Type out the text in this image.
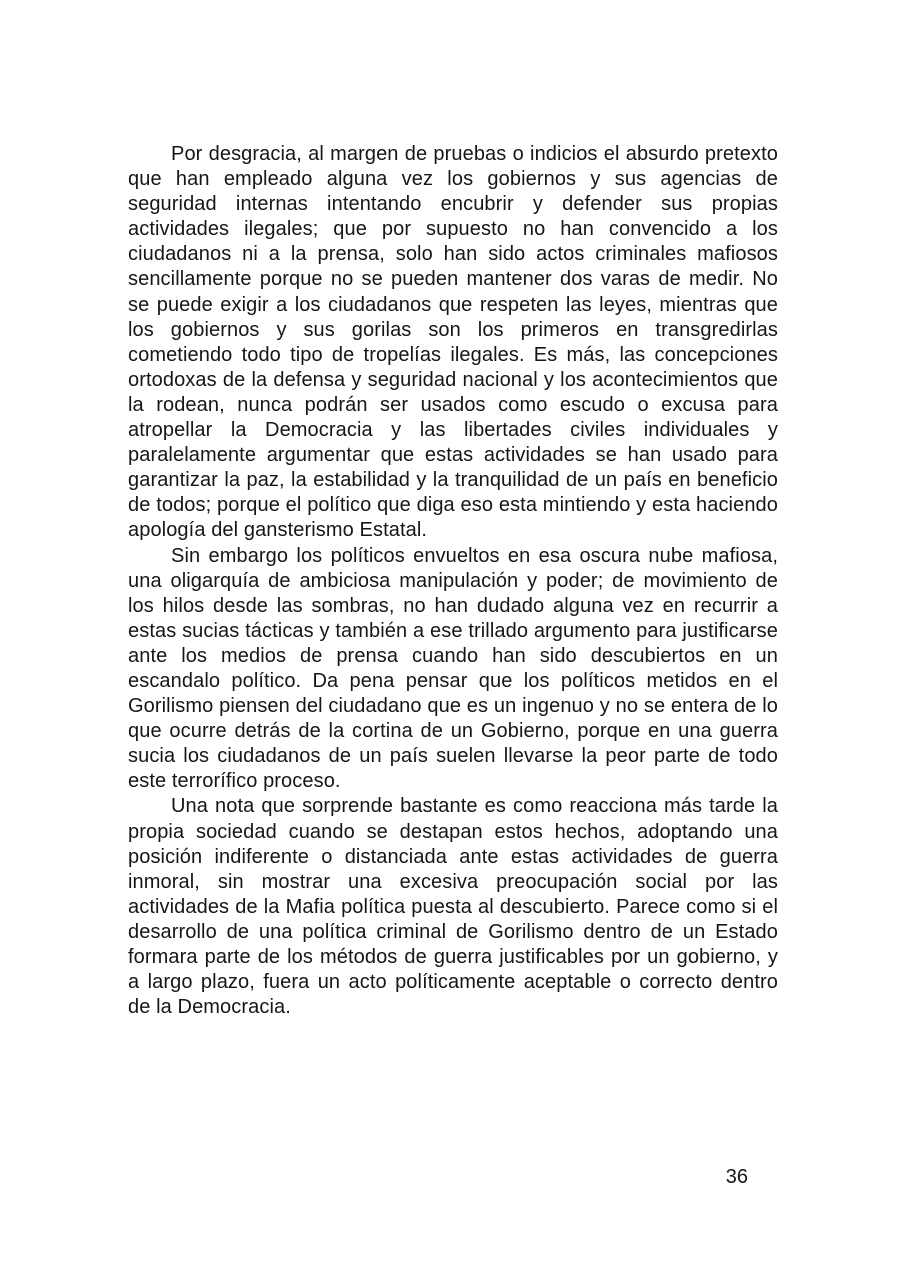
Por desgracia, al margen de pruebas o indicios el absurdo pretexto que han empleado alguna vez los gobiernos y sus agencias de seguridad internas intentando encubrir y defender sus propias actividades ilegales; que por supuesto no han convencido a los ciudadanos ni a la prensa, solo han sido actos criminales mafiosos sencillamente porque no se pueden mantener dos varas de medir. No se puede exigir a los ciudadanos que respeten las leyes, mientras que los gobiernos y sus gorilas son los primeros en transgredirlas cometiendo todo tipo de tropelías ilegales. Es más, las concepciones ortodoxas de la defensa y seguridad nacional y los acontecimientos que la rodean, nunca podrán ser usados como escudo o excusa para atropellar la Democracia y las libertades civiles individuales y paralelamente argumentar que estas actividades se han usado para garantizar la paz, la estabilidad y la tranquilidad de un país en beneficio de todos; porque el político que diga eso esta mintiendo y esta haciendo apología del gansterismo Estatal.

Sin embargo los políticos envueltos en esa oscura nube mafiosa, una oligarquía de ambiciosa manipulación y poder; de movimiento de los hilos desde las sombras, no han dudado alguna vez en recurrir a estas sucias tácticas y también a ese trillado argumento para justificarse ante los medios de prensa cuando han sido descubiertos en un escandalo político. Da pena pensar que los políticos metidos en el Gorilismo piensen del ciudadano que es un ingenuo y no se entera de lo que ocurre detrás de la cortina de un Gobierno, porque en una guerra sucia los ciudadanos de un país suelen llevarse la peor parte de todo este terrorífico proceso.

Una nota que sorprende bastante es como reacciona más tarde la propia sociedad cuando se destapan estos hechos, adoptando una posición indiferente o distanciada ante estas actividades de guerra inmoral, sin mostrar una excesiva preocupación social por las actividades de la Mafia política puesta al descubierto. Parece como si el desarrollo de una política criminal de Gorilismo dentro de un Estado formara parte de los métodos de guerra justificables por un gobierno, y a largo plazo, fuera un acto políticamente aceptable o correcto dentro de la Democracia.

36
